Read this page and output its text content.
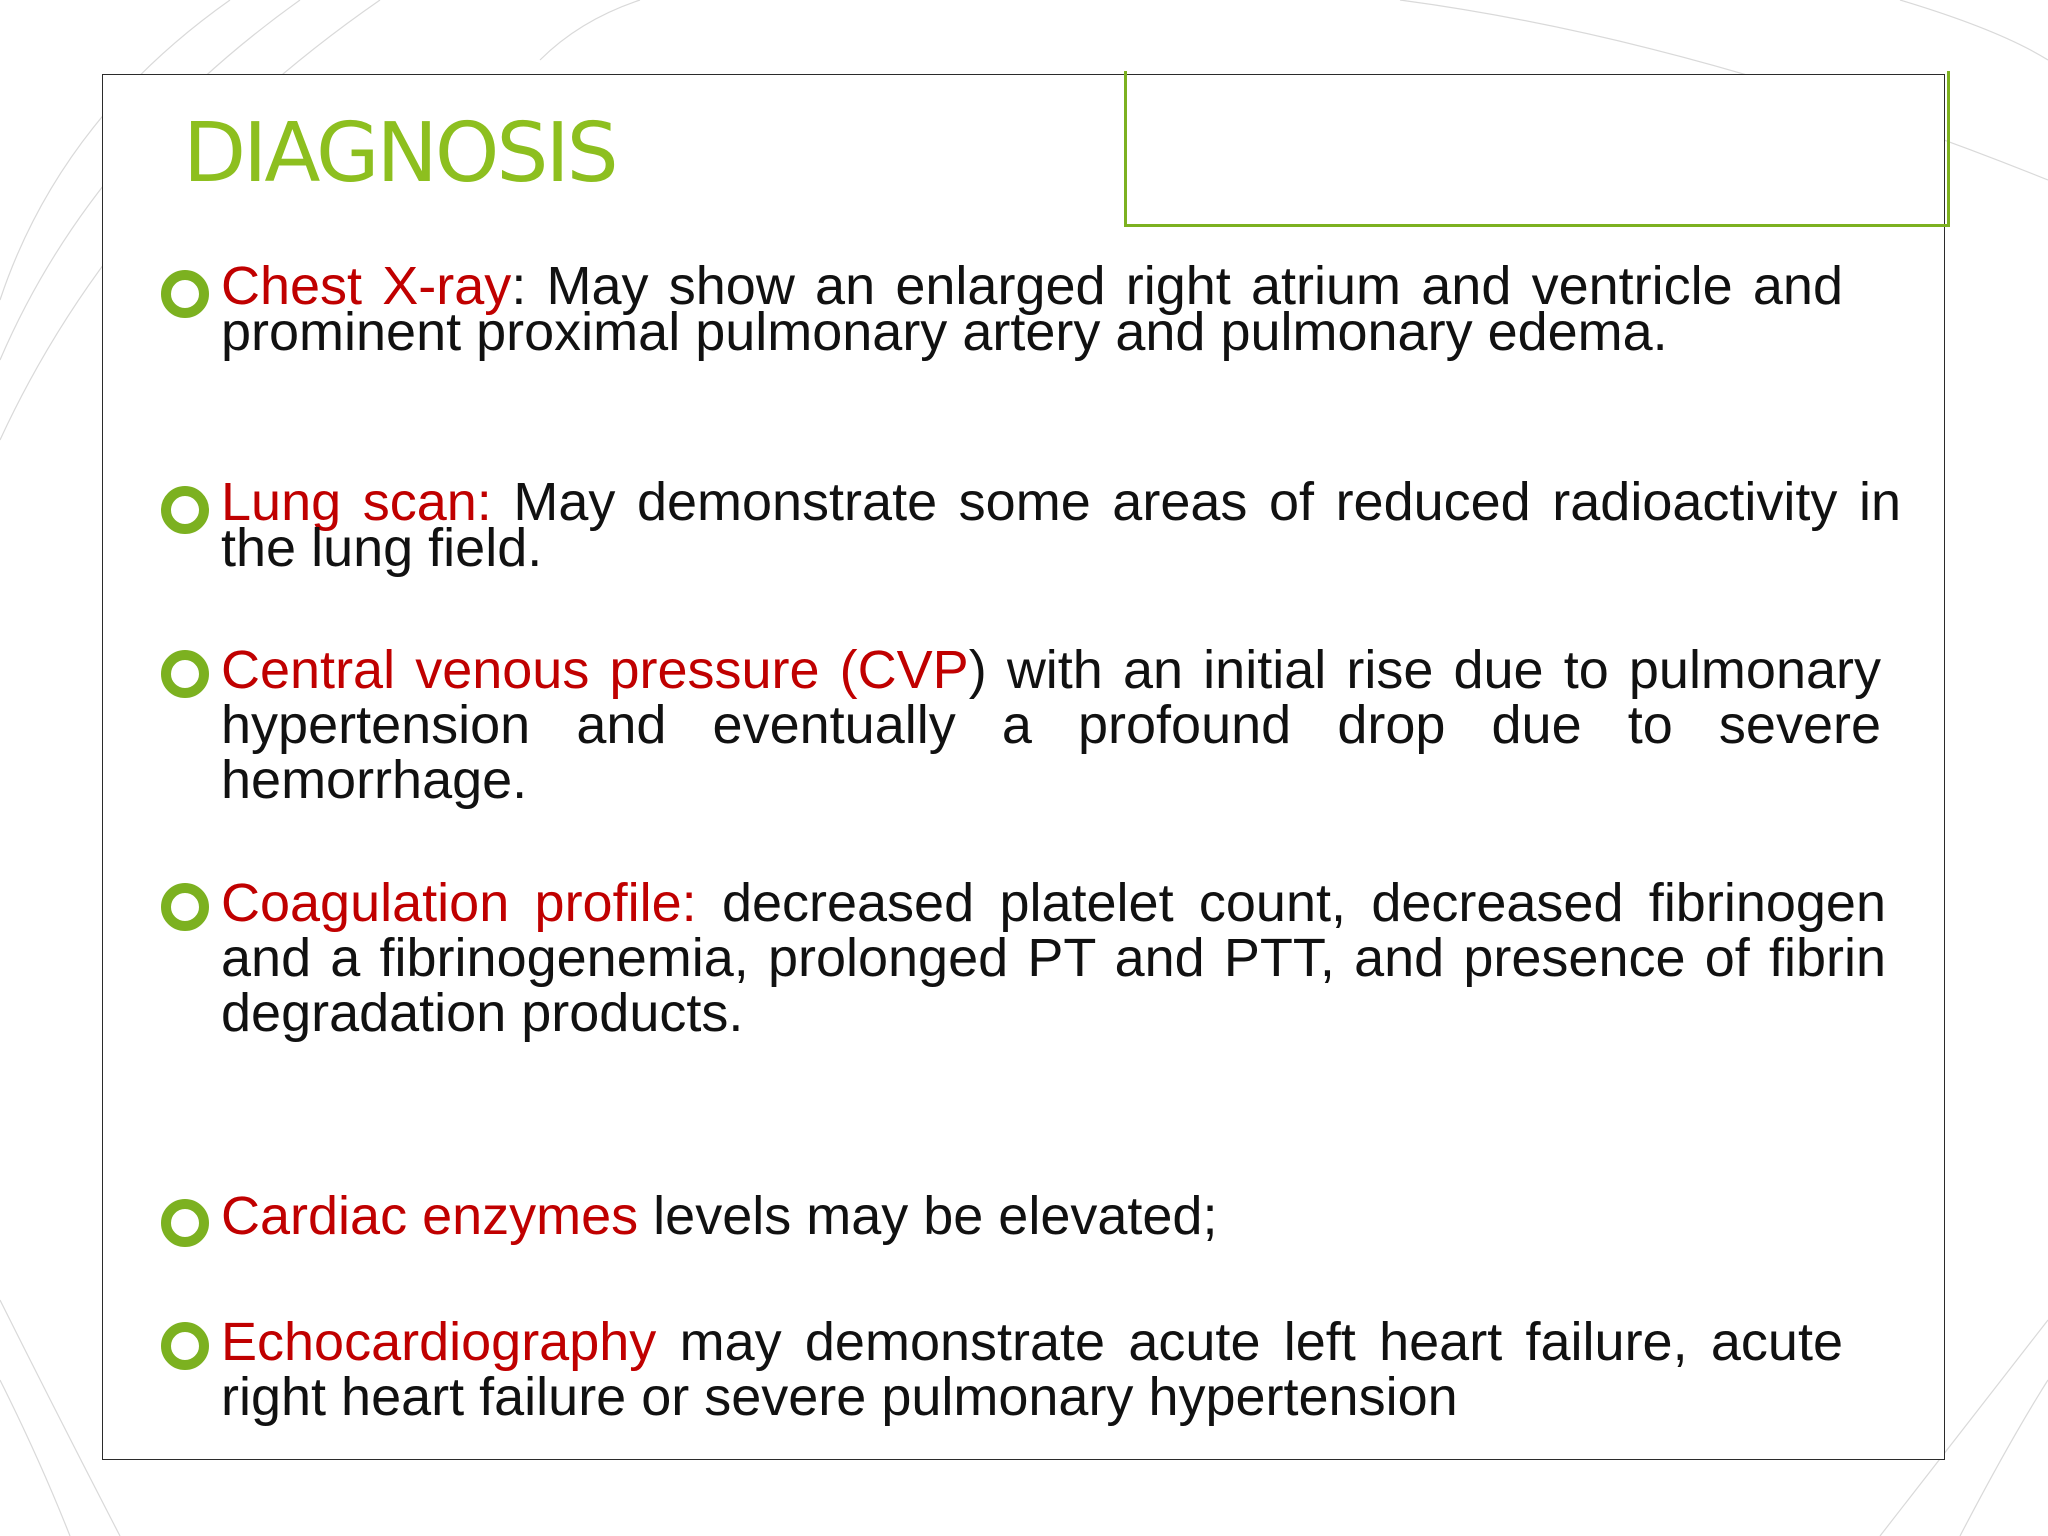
DIAGNOSIS
Chest X-ray: May show an enlarged right atrium and ventricle and prominent proximal pulmonary artery and pulmonary edema.
Lung scan: May demonstrate some areas of reduced radioactivity in the lung field.
Central venous pressure (CVP) with an initial rise due to pulmonary hypertension and eventually a profound drop due to severe hemorrhage.
Coagulation profile: decreased platelet count, decreased fibrinogen and a fibrinogenemia, prolonged PT and PTT, and presence of fibrin degradation products.
Cardiac enzymes levels may be elevated;
Echocardiography may demonstrate acute left heart failure, acute right heart failure or severe pulmonary hypertension
